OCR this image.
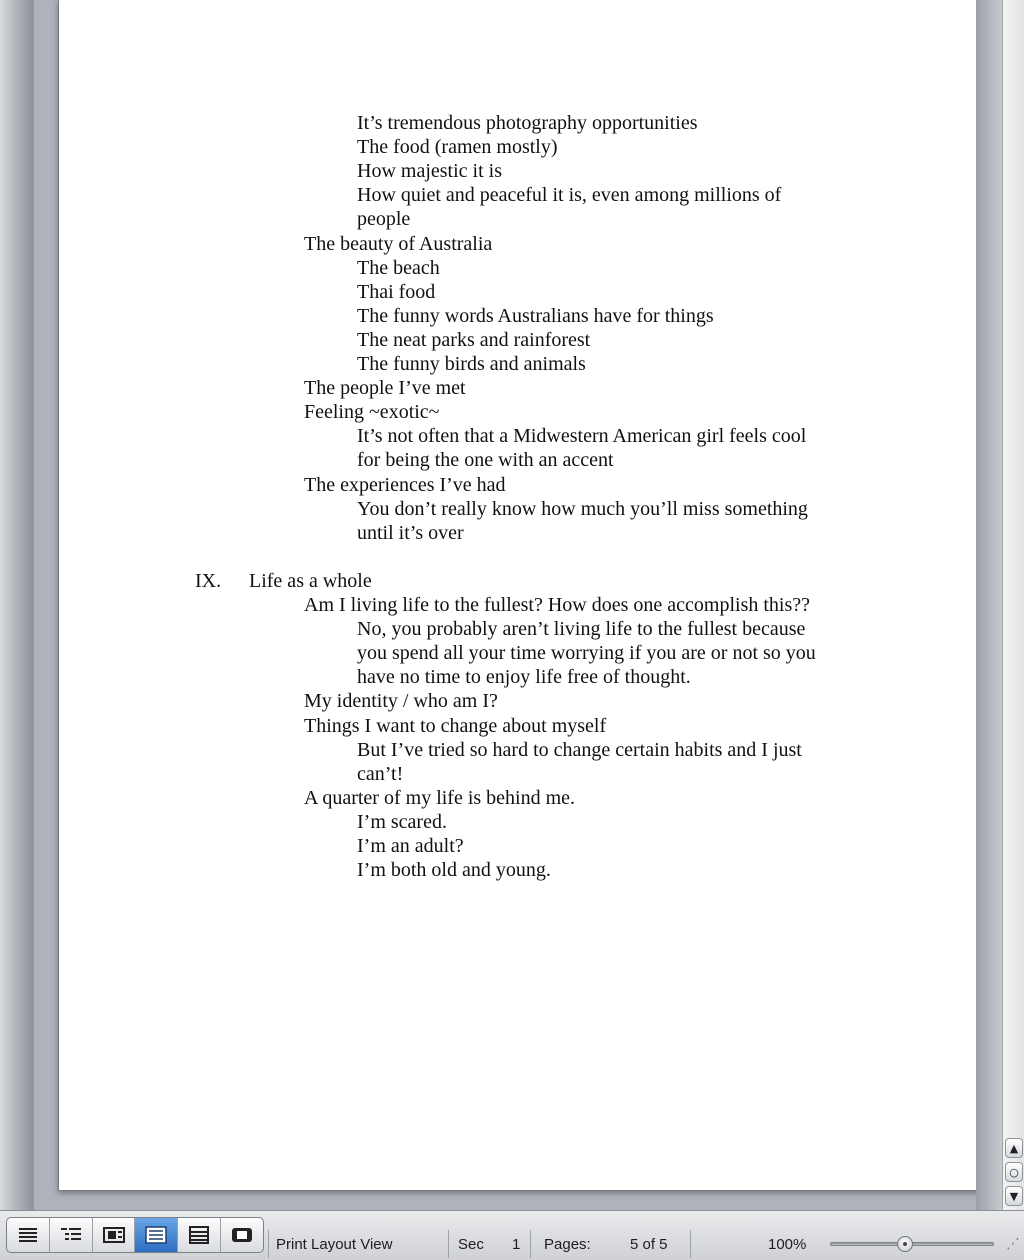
It’s tremendous photography opportunities
The food (ramen mostly)
How majestic it is
How quiet and peaceful it is, even among millions of
people
The beauty of Australia
The beach
Thai food
The funny words Australians have for things
The neat parks and rainforest
The funny birds and animals
The people I’ve met
Feeling ~exotic~
It’s not often that a Midwestern American girl feels cool
for being the one with an accent
The experiences I’ve had
You don’t really know how much you’ll miss something
until it’s over
IX. Life as a whole
Am I living life to the fullest? How does one accomplish this??
No, you probably aren’t living life to the fullest because
you spend all your time worrying if you are or not so you
have no time to enjoy life free of thought.
My identity / who am I?
Things I want to change about myself
But I’ve tried so hard to change certain habits and I just
can’t!
A quarter of my life is behind me.
I’m scared.
I’m an adult?
I’m both old and young.
▲
○
▼
Print Layout View	Sec 1 Pages:	5 of 5	100%	⋰
